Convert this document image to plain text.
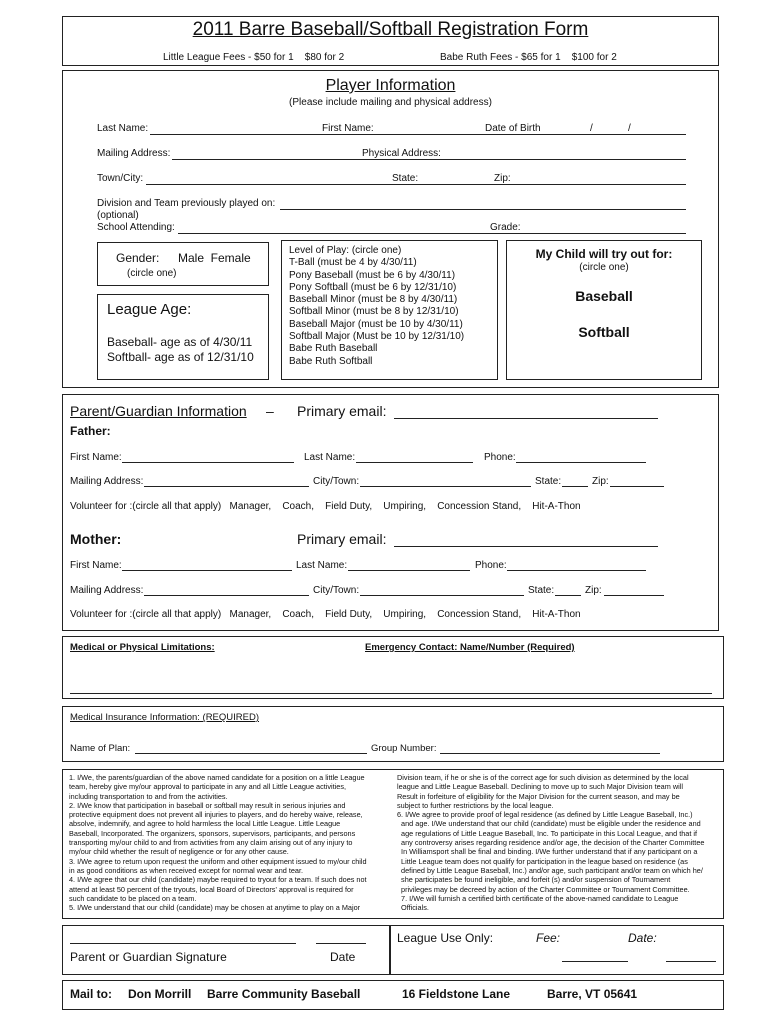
2011 Barre Baseball/Softball Registration Form
Little League Fees - $50 for 1    $80 for 2	Babe Ruth Fees - $65 for 1    $100 for 2
Player Information
(Please include mailing and physical address)
Last Name:	First Name:	Date of Birth	/	/
Mailing Address:	Physical Address:
Town/City:	State:	Zip:
Division and Team previously played on:
(optional)
School Attending:	Grade:
Gender: Male  Female
(circle one)
League Age:
Baseball- age as of 4/30/11
Softball- age as of 12/31/10
Level of Play: (circle one)
T-Ball (must be 4 by 4/30/11)
Pony Baseball (must be 6 by 4/30/11)
Pony Softball (must be 6 by 12/31/10)
Baseball Minor (must be 8 by 4/30/11)
Softball Minor (must be 8 by 12/31/10)
Baseball Major (must be 10 by 4/30/11)
Softball Major (Must be 10 by 12/31/10)
Babe Ruth Baseball
Babe Ruth Softball
My Child will try out for:
(circle one)
Baseball
Softball
Parent/Guardian Information – Primary email:
Father:
First Name:	Last Name:	Phone:
Mailing Address:	City/Town:	State:	Zip:
Volunteer for :(circle all that apply)   Manager,    Coach,    Field Duty,    Umpiring,    Concession Stand,    Hit-A-Thon
Mother:	Primary email:
First Name:	Last Name:	Phone:
Mailing Address:	City/Town:	State:	Zip:
Volunteer for :(circle all that apply)   Manager,    Coach,    Field Duty,    Umpiring,    Concession Stand,    Hit-A-Thon
Medical or Physical Limitations:	Emergency Contact: Name/Number (Required)
Medical Insurance Information: (REQUIRED)
Name of Plan:	Group Number:
1. I/We, the parents/guardian of the above named candidate for a position on a little League
team, hereby give my/our approval to participate in any and all Little League activities,
including transportation to and from the activities.
2. I/We know that participation in baseball or softball may result in serious injuries and
protective equipment does not prevent all injuries to players, and do hereby waive, release,
absolve, indemnify, and agree to hold harmless the local Little League. Little League
Baseball, Incorporated. The organizers, sponsors, supervisors, participants, and persons
transporting my/our child to and from activities from any claim arising out of any injury to
my/our child whether the result of negligence or for any other cause.
3. I/We agree to return upon request the uniform and other equipment issued to my/our child
in as good conditions as when received except for normal wear and tear.
4. I/We agree that our child (candidate) maybe required to tryout for a team. If such does not
attend at least 50 percent of the tryouts, local Board of Directors' approval is required for
such candidate to be placed on a team.
5. I/We understand that our child (candidate) may be chosen at anytime to play on a Major
Division team, if he or she is of the correct age for such division as determined by the local
league and Little League Baseball. Declining to move up to such Major Division team will
Result in forfeiture of eligibility for the Major Division for the current season, and may be
subject to further restrictions by the local league.
6. I/We agree to provide proof of legal residence (as defined by Little League Baseball, Inc.)
and age. I/We understand that our child (candidate) must be eligible under the residence and
age regulations of Little League Baseball, Inc. To participate in this Local League, and that if
any controversy arises regarding residence and/or age, the decision of the Charter Committee
In Williamsport shall be final and binding. I/We further understand that if any participant on a
Little League team does not qualify for participation in the league based on residence (as
defined by Little League Baseball, Inc.) and/or age, such participant and/or team on which he/
she participates be found ineligible, and forfeit (s) and/or suspension of Tournament
privileges may be decreed by action of the Charter Committee or Tournament Committee.
7. I/We will furnish a certified birth certificate of the above-named candidate to League
Officials.
Parent or Guardian Signature	Date
League Use Only:	Fee:	Date:
Mail to: Don Morrill Barre Community Baseball	16 Fieldstone Lane	Barre, VT 05641
